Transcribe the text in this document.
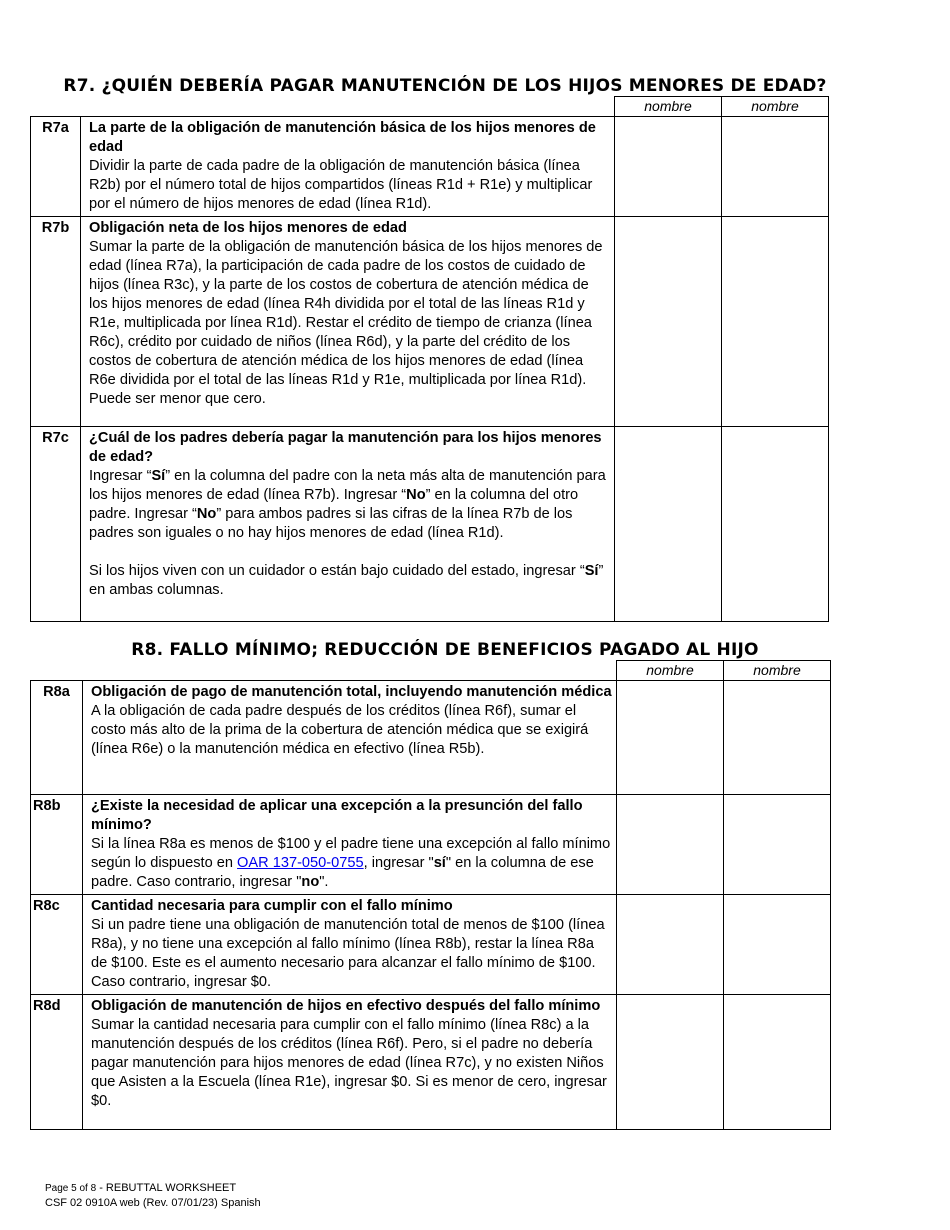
R7. ¿QUIÉN DEBERÍA PAGAR MANUTENCIÓN DE LOS HIJOS MENORES DE EDAD?
		nombre	nombre
R7a	La parte de la obligación de manutención básica de los hijos menores de edad
Dividir la parte de cada padre de la obligación de manutención básica (línea R2b) por el número total de hijos compartidos (líneas R1d + R1e) y multiplicar por el número de hijos menores de edad (línea R1d).		

R7b	Obligación neta de los hijos menores de edad
Sumar la parte de la obligación de manutención básica de los hijos menores de edad (línea R7a), la participación de cada padre de los costos de cuidado de hijos (línea R3c), y la parte de los costos de cobertura de atención médica de los hijos menores de edad (línea R4h dividida por el total de las líneas R1d y R1e, multiplicada por línea R1d). Restar el crédito de tiempo de crianza (línea R6c), crédito por cuidado de niños (línea R6d), y la parte del crédito de los costos de cobertura de atención médica de los hijos menores de edad (línea R6e dividida por el total de las líneas R1d y R1e, multiplicada por línea R1d). Puede ser menor que cero.		

R7c	¿Cuál de los padres debería pagar la manutención para los hijos menores de edad?
Ingresar “Sí” en la columna del padre con la neta más alta de manutención para los hijos menores de edad (línea R7b). Ingresar “No” en la columna del otro padre. Ingresar “No” para ambos padres si las cifras de la línea R7b de los padres son iguales o no hay hijos menores de edad (línea R1d).
Si los hijos viven con un cuidador o están bajo cuidado del estado, ingresar “Sí” en ambas columnas.		

R8. FALLO MÍNIMO; REDUCCIÓN DE BENEFICIOS PAGADO AL HIJO
		nombre	nombre
R8a	Obligación de pago de manutención total, incluyendo manutención médica
A la obligación de cada padre después de los créditos (línea R6f), sumar el costo más alto de la prima de la cobertura de atención médica que se exigirá (línea R6e) o la manutención médica en efectivo (línea R5b).		

R8b	¿Existe la necesidad de aplicar una excepción a la presunción del fallo mínimo?
Si la línea R8a es menos de $100 y el padre tiene una excepción al fallo mínimo según lo dispuesto en OAR 137-050-0755, ingresar "sí" en la columna de ese padre. Caso contrario, ingresar "no".		

R8c	Cantidad necesaria para cumplir con el fallo mínimo
Si un padre tiene una obligación de manutención total de menos de $100 (línea R8a), y no tiene una excepción al fallo mínimo (línea R8b), restar la línea R8a de $100. Este es el aumento necesario para alcanzar el fallo mínimo de $100. Caso contrario, ingresar $0.		

R8d	Obligación de manutención de hijos en efectivo después del fallo mínimo
Sumar la cantidad necesaria para cumplir con el fallo mínimo (línea R8c) a la manutención después de los créditos (línea R6f). Pero, si el padre no debería pagar manutención para hijos menores de edad (línea R7c), y no existen Niños que Asisten a la Escuela (línea R1e), ingresar $0. Si es menor de cero, ingresar $0.		

Page 5 of 8 - REBUTTAL WORKSHEET
CSF 02 0910A web (Rev. 07/01/23) Spanish
